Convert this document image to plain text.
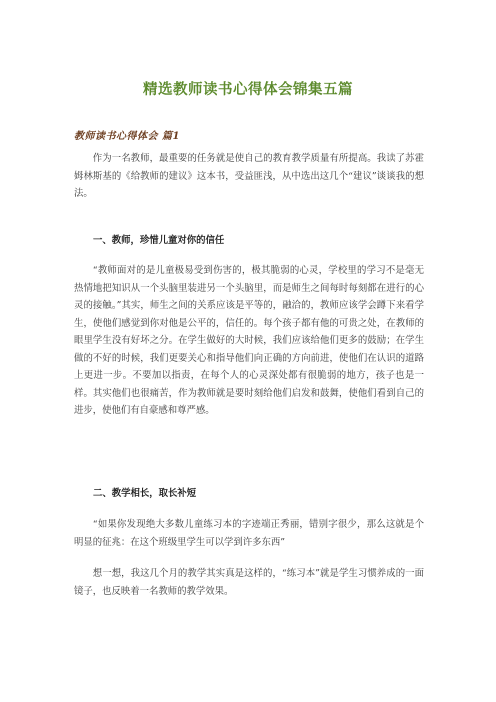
精选教师读书心得体会锦集五篇
教师读书心得体会 篇1
作为一名教师，最重要的任务就是使自己的教育教学质量有所提高。我读了苏霍姆林斯基的《给教师的建议》这本书，受益匪浅，从中选出这几个“建议”谈谈我的想法。
一、教师，珍惜儿童对你的信任
“教师面对的是儿童极易受到伤害的，极其脆弱的心灵，学校里的学习不是毫无热情地把知识从一个头脑里装进另一个头脑里，而是师生之间每时每刻都在进行的心灵的接触。”其实，师生之间的关系应该是平等的，融洽的，教师应该学会蹲下来看学生，使他们感觉到你对他是公平的，信任的。每个孩子都有他的可贵之处，在教师的眼里学生没有好坏之分。在学生做好的大时候，我们应该给他们更多的鼓励；在学生做的不好的时候，我们更要关心和指导他们向正确的方向前进，使他们在认识的道路上更进一步。不要加以指责，在每个人的心灵深处都有很脆弱的地方，孩子也是一样。其实他们也很痛苦，作为教师就是要时刻给他们启发和鼓舞，使他们看到自己的进步，使他们有自豪感和尊严感。
二、教学相长，取长补短
“如果你发现绝大多数儿童练习本的字迹端正秀丽，错别字很少，那么这就是个明显的征兆：在这个班级里学生可以学到许多东西”
想一想，我这几个月的教学其实真是这样的，“练习本”就是学生习惯养成的一面镜子，也反映着一名教师的教学效果。
